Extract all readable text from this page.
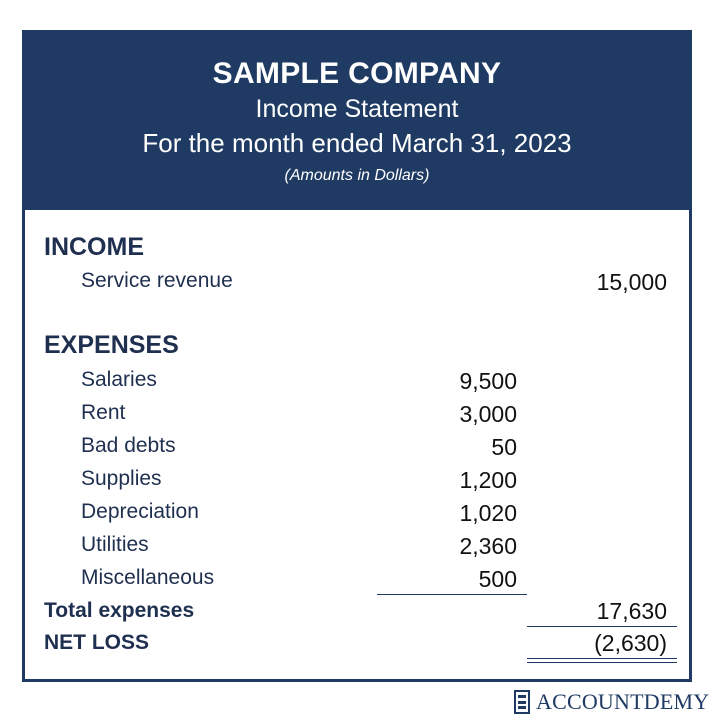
SAMPLE COMPANY
Income Statement
For the month ended March 31, 2023
(Amounts in Dollars)
INCOME
Service revenue	15,000
EXPENSES
Salaries	9,500
Rent	3,000
Bad debts	50
Supplies	1,200
Depreciation	1,020
Utilities	2,360
Miscellaneous	500
Total expenses	17,630
NET LOSS	(2,630)
ACCOUNTDEMY
